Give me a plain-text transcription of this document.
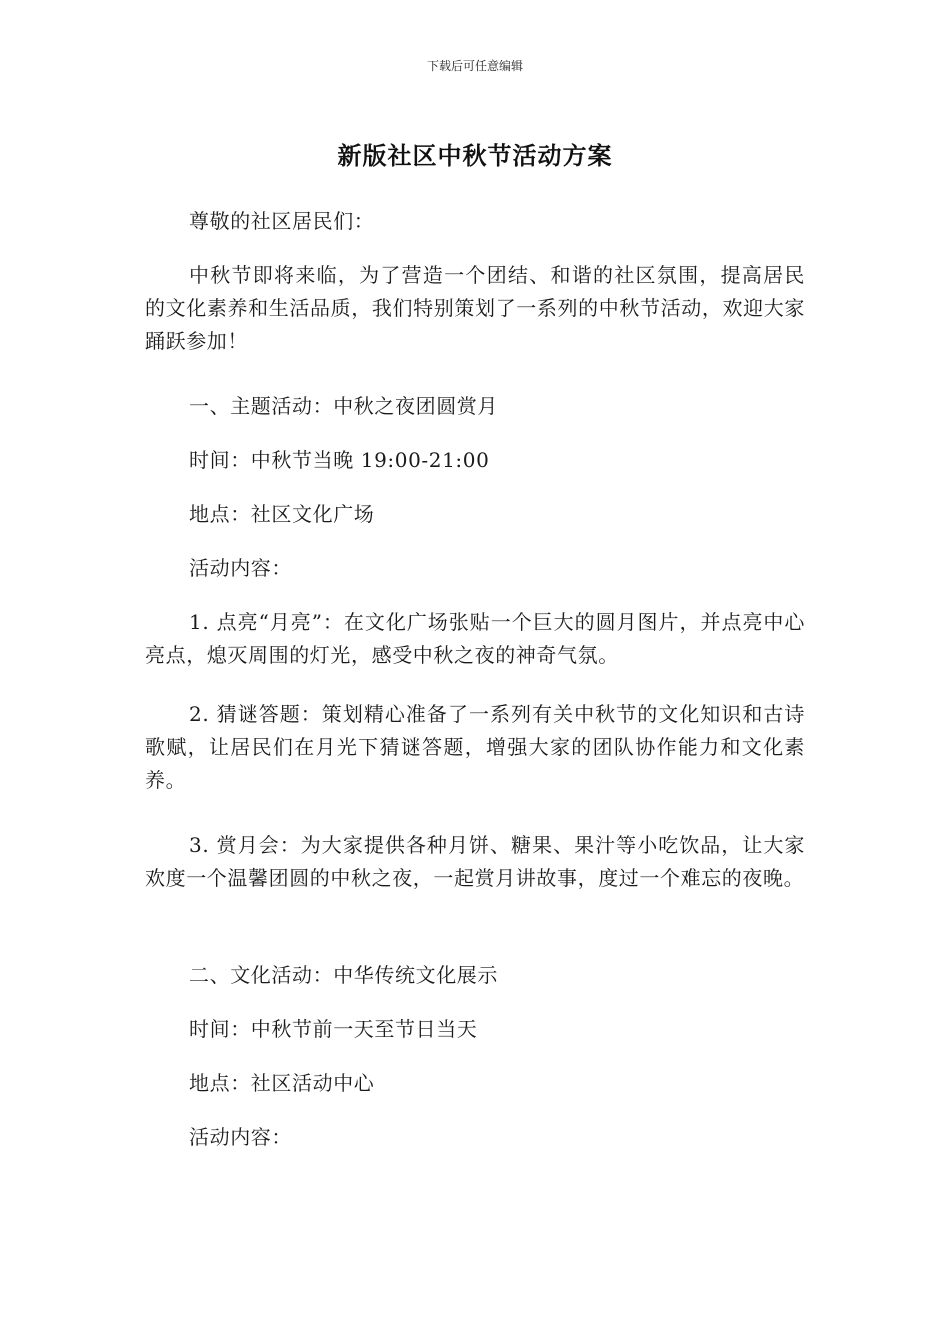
下载后可任意编辑
新版社区中秋节活动方案

尊敬的社区居民们：

中秋节即将来临，为了营造一个团结、和谐的社区氛围，提高居民的文化素养和生活品质，我们特别策划了一系列的中秋节活动，欢迎大家踊跃参加！

一、主题活动：中秋之夜团圆赏月

时间：中秋节当晚 19:00-21:00

地点：社区文化广场

活动内容：

1. 点亮“月亮”：在文化广场张贴一个巨大的圆月图片，并点亮中心亮点，熄灭周围的灯光，感受中秋之夜的神奇气氛。

2. 猜谜答题：策划精心准备了一系列有关中秋节的文化知识和古诗歌赋，让居民们在月光下猜谜答题，增强大家的团队协作能力和文化素养。

3. 赏月会：为大家提供各种月饼、糖果、果汁等小吃饮品，让大家欢度一个温馨团圆的中秋之夜，一起赏月讲故事，度过一个难忘的夜晚。

二、文化活动：中华传统文化展示

时间：中秋节前一天至节日当天

地点：社区活动中心

活动内容：
